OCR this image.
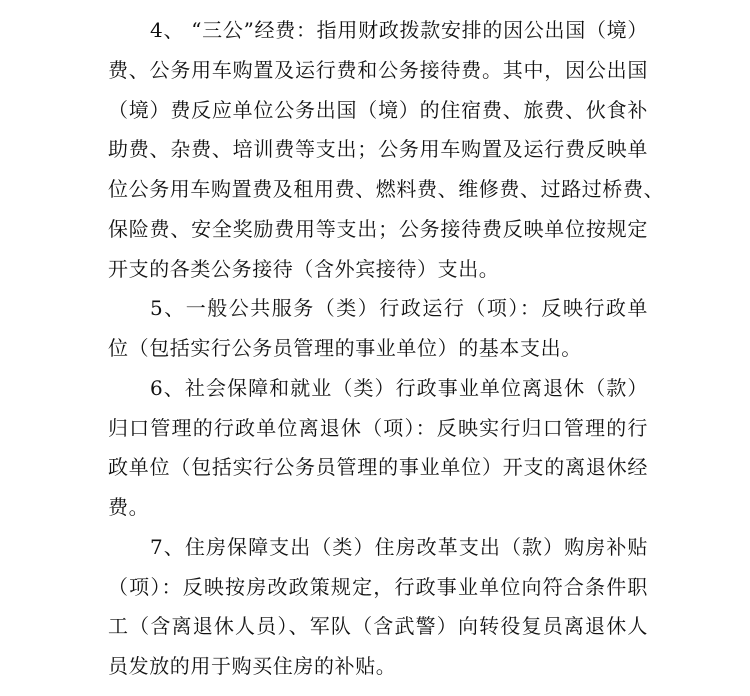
4、 “三公”经费：指用财政拨款安排的因公出国（境）
费、公务用车购置及运行费和公务接待费。其中，因公出国
（境）费反应单位公务出国（境）的住宿费、旅费、伙食补
助费、杂费、培训费等支出；公务用车购置及运行费反映单
位公务用车购置费及租用费、燃料费、维修费、过路过桥费、
保险费、安全奖励费用等支出；公务接待费反映单位按规定
开支的各类公务接待（含外宾接待）支出。
5、一般公共服务（类）行政运行（项）：反映行政单
位（包括实行公务员管理的事业单位）的基本支出。
6、社会保障和就业（类）行政事业单位离退休（款）
归口管理的行政单位离退休（项）：反映实行归口管理的行
政单位（包括实行公务员管理的事业单位）开支的离退休经
费。
7、住房保障支出（类）住房改革支出（款）购房补贴
（项）：反映按房改政策规定，行政事业单位向符合条件职
工（含离退休人员）、军队（含武警）向转役复员离退休人
员发放的用于购买住房的补贴。
